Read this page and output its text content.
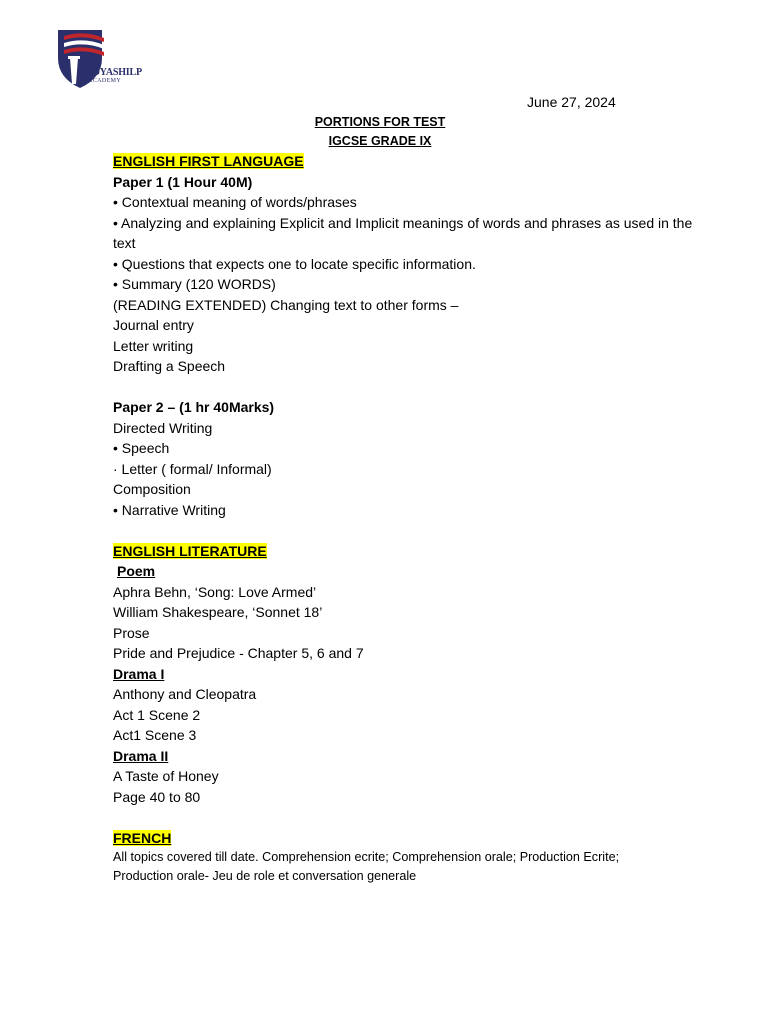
VIDYASHILP
ACADEMY
June 27, 2024
PORTIONS FOR TEST
IGCSE GRADE IX
ENGLISH FIRST LANGUAGE
Paper 1 (1 Hour 40M)
• Contextual meaning of words/phrases
• Analyzing and explaining Explicit and Implicit meanings of words and phrases as used in the text
• Questions that expects one to locate specific information.
• Summary (120 WORDS)
(READING EXTENDED) Changing text to other forms –
Journal entry
Letter writing
Drafting a Speech
Paper 2 – (1 hr 40Marks)
Directed Writing
• Speech
· Letter ( formal/ Informal)
Composition
• Narrative Writing
ENGLISH LITERATURE
Poem
Aphra Behn, ‘Song: Love Armed’
William Shakespeare, ‘Sonnet 18’
Prose
Pride and Prejudice - Chapter 5, 6 and 7
Drama I
Anthony and Cleopatra
Act 1 Scene 2
Act1 Scene 3
Drama II
A Taste of Honey
Page 40 to 80
FRENCH
All topics covered till date. Comprehension ecrite; Comprehension orale; Production Ecrite; Production orale- Jeu de role et conversation generale
